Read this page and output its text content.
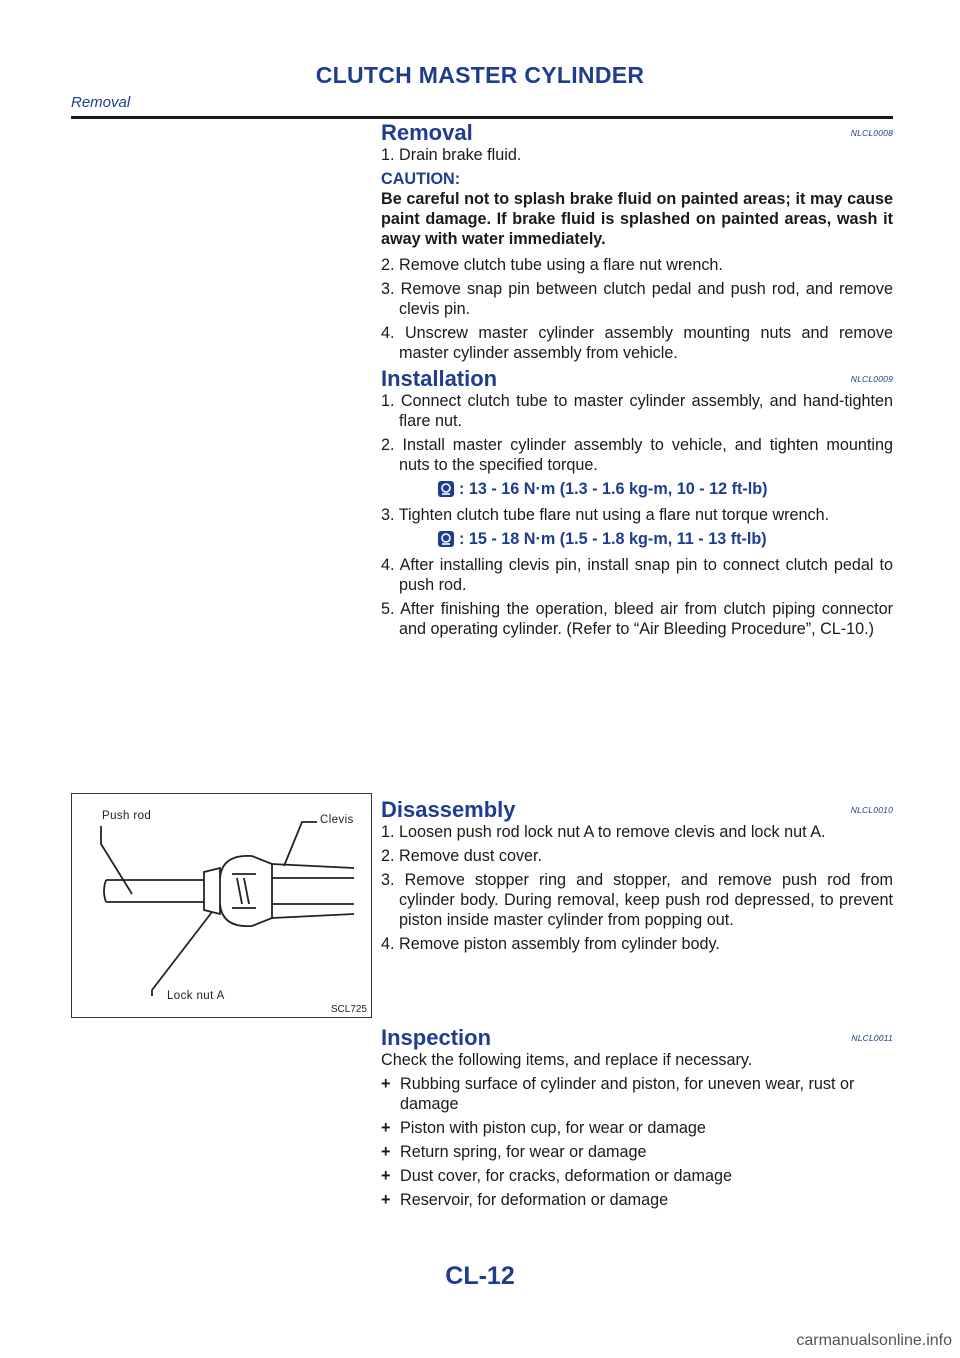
CLUTCH MASTER CYLINDER
Removal
Removal	NLCL0008

1. Drain brake fluid.

CAUTION:

Be careful not to splash brake fluid on painted areas; it may cause paint damage. If brake fluid is splashed on painted areas, wash it away with water immediately.

2. Remove clutch tube using a flare nut wrench.

3. Remove snap pin between clutch pedal and push rod, and remove clevis pin.

4. Unscrew master cylinder assembly mounting nuts and remove master cylinder assembly from vehicle.

Installation	NLCL0009

1. Connect clutch tube to master cylinder assembly, and hand-tighten flare nut.

2. Install master cylinder assembly to vehicle, and tighten mounting nuts to the specified torque.

: 13 - 16 N·m (1.3 - 1.6 kg-m, 10 - 12 ft-lb)

3. Tighten clutch tube flare nut using a flare nut torque wrench.

: 15 - 18 N·m (1.5 - 1.8 kg-m, 11 - 13 ft-lb)

4. After installing clevis pin, install snap pin to connect clutch pedal to push rod.

5. After finishing the operation, bleed air from clutch piping connector and operating cylinder. (Refer to “Air Bleeding Procedure”, CL-10.)

Push rod	Clevis
Lock nut A
SCL725
Disassembly	NLCL0010

1. Loosen push rod lock nut A to remove clevis and lock nut A.

2. Remove dust cover.

3. Remove stopper ring and stopper, and remove push rod from cylinder body. During removal, keep push rod depressed, to prevent piston inside master cylinder from popping out.

4. Remove piston assembly from cylinder body.

Inspection	NLCL0011

Check the following items, and replace if necessary.

+ Rubbing surface of cylinder and piston, for uneven wear, rust or damage
+ Piston with piston cup, for wear or damage
+ Return spring, for wear or damage
+ Dust cover, for cracks, deformation or damage
+ Reservoir, for deformation or damage
CL-12
carmanualsonline.info
